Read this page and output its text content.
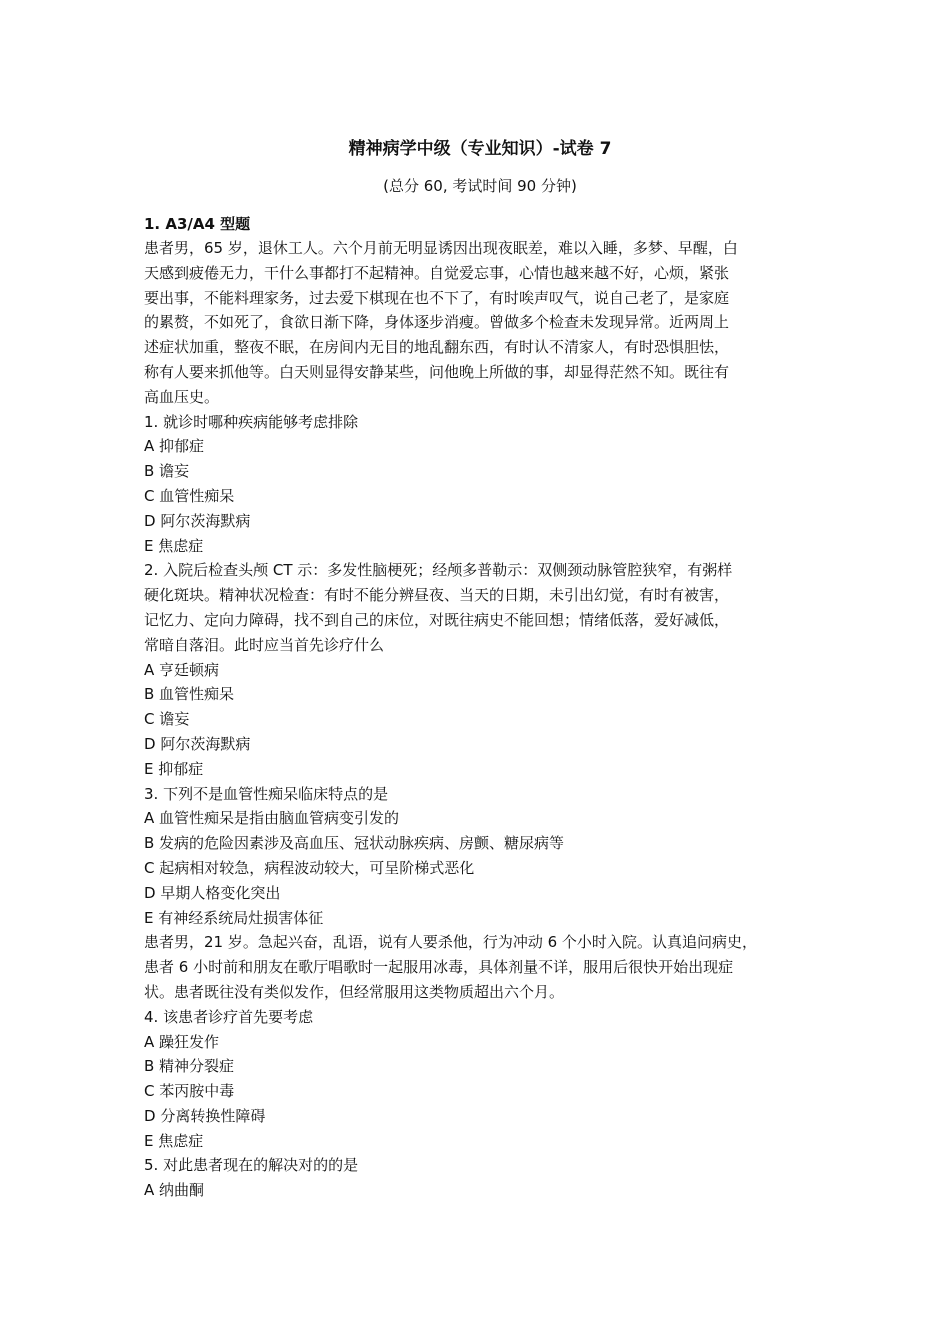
精神病学中级（专业知识）-试卷 7
(总分 60, 考试时间 90 分钟)
1. A3/A4 型题
患者男，65 岁，退休工人。六个月前无明显诱因出现夜眠差，难以入睡，多梦、早醒，白
天感到疲倦无力，干什么事都打不起精神。自觉爱忘事，心情也越来越不好，心烦，紧张
要出事，不能料理家务，过去爱下棋现在也不下了，有时唉声叹气，说自己老了，是家庭
的累赘，不如死了，食欲日渐下降，身体逐步消瘦。曾做多个检查未发现异常。近两周上
述症状加重，整夜不眠，在房间内无目的地乱翻东西，有时认不清家人，有时恐惧胆怯，
称有人要来抓他等。白天则显得安静某些，问他晚上所做的事，却显得茫然不知。既往有
高血压史。
1. 就诊时哪种疾病能够考虑排除
A 抑郁症
B 谵妄
C 血管性痴呆
D 阿尔茨海默病
E 焦虑症
2. 入院后检查头颅 CT 示：多发性脑梗死；经颅多普勒示：双侧颈动脉管腔狭窄，有粥样
硬化斑块。精神状况检查：有时不能分辨昼夜、当天的日期，未引出幻觉，有时有被害，
记忆力、定向力障碍，找不到自己的床位，对既往病史不能回想；情绪低落，爱好减低，
常暗自落泪。此时应当首先诊疗什么
A 亨廷顿病
B 血管性痴呆
C 谵妄
D 阿尔茨海默病
E 抑郁症
3. 下列不是血管性痴呆临床特点的是
A 血管性痴呆是指由脑血管病变引发的
B 发病的危险因素涉及高血压、冠状动脉疾病、房颤、糖尿病等
C 起病相对较急，病程波动较大，可呈阶梯式恶化
D 早期人格变化突出
E 有神经系统局灶损害体征
患者男，21 岁。急起兴奋，乱语，说有人要杀他，行为冲动 6 个小时入院。认真追问病史，
患者 6 小时前和朋友在歌厅唱歌时一起服用冰毒，具体剂量不详，服用后很快开始出现症
状。患者既往没有类似发作，但经常服用这类物质超出六个月。
4. 该患者诊疗首先要考虑
A 躁狂发作
B 精神分裂症
C 苯丙胺中毒
D 分离转换性障碍
E 焦虑症
5. 对此患者现在的解决对的的是
A 纳曲酮
